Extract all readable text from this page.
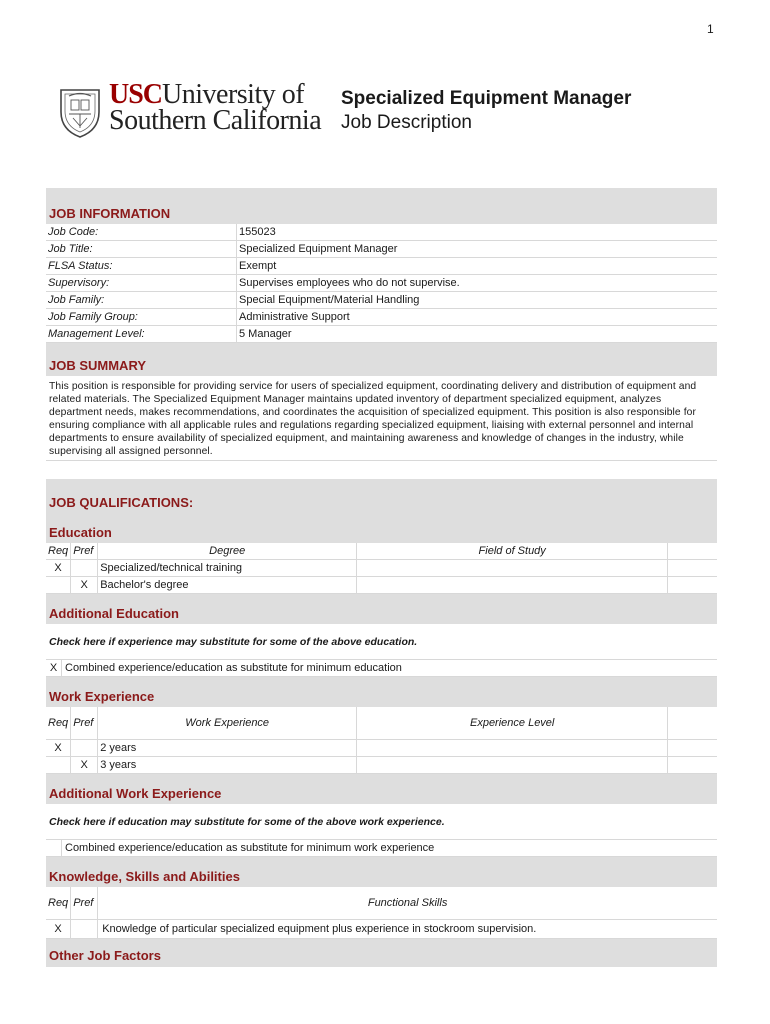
1
USCUniversity of
Southern California
Specialized Equipment Manager
Job Description
JOB INFORMATION
Job Code:	155023
Job Title:	Specialized Equipment Manager
FLSA Status:	Exempt
Supervisory:	Supervises employees who do not supervise.
Job Family:	Special Equipment/Material Handling
Job Family Group:	Administrative Support
Management Level:	5 Manager
JOB SUMMARY
This position is responsible for providing service for users of specialized equipment, coordinating delivery and distribution of equipment and related materials. The Specialized Equipment Manager maintains updated inventory of department specialized equipment, analyzes department needs, makes recommendations, and coordinates the acquisition of specialized equipment. This position is also responsible for ensuring compliance with all applicable rules and regulations regarding specialized equipment, liaising with external personnel and internal departments to ensure availability of specialized equipment, and maintaining awareness and knowledge of changes in the industry, while supervising all assigned personnel.
JOB QUALIFICATIONS:
Education
Req	Pref	Degree	Field of Study	
X		Specialized/technical training		
	X	Bachelor's degree		
Additional Education
Check here if experience may substitute for some of the above education.
X Combined experience/education as substitute for minimum education
Work Experience
Req	Pref	Work Experience	Experience Level	
X		2 years		
	X	3 years		
Additional Work Experience
Check here if education may substitute for some of the above work experience.
Combined experience/education as substitute for minimum work experience
Knowledge, Skills and Abilities
Req	Pref	Functional Skills
X		Knowledge of particular specialized equipment plus experience in stockroom supervision.
Other Job Factors
